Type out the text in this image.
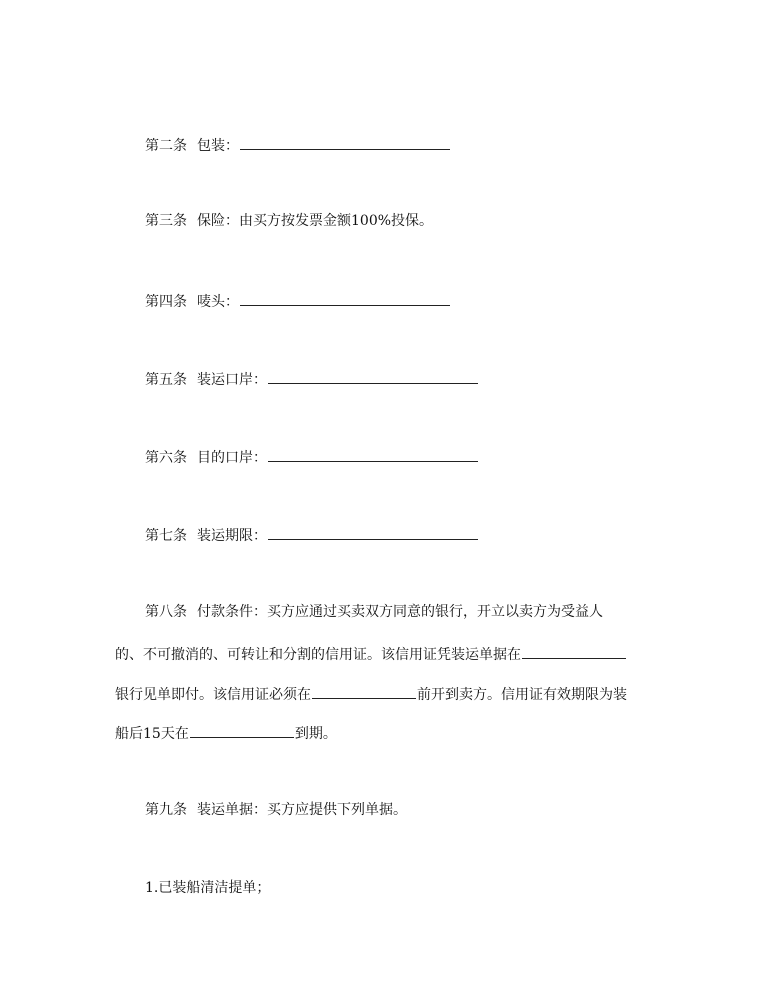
第二条 包装：
第三条 保险：由买方按发票金额100%投保。
第四条 唛头：
第五条 装运口岸：
第六条 目的口岸：
第七条 装运期限：
第八条 付款条件：买方应通过买卖双方同意的银行，开立以卖方为受益人
的、不可撤消的、可转让和分割的信用证。该信用证凭装运单据在
银行见单即付。该信用证必须在	前开到卖方。信用证有效期限为装
船后15天在	到期。
第九条 装运单据：买方应提供下列单据。
1.已装船清洁提单；
